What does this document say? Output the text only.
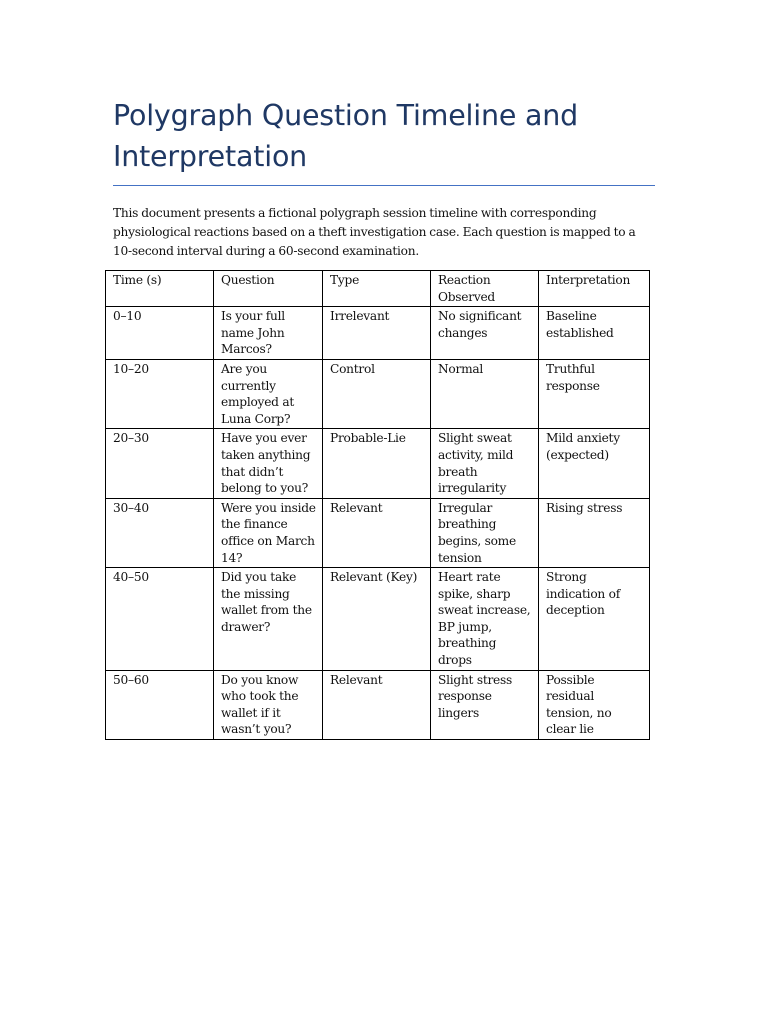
Polygraph Question Timeline and Interpretation

This document presents a fictional polygraph session timeline with corresponding physiological reactions based on a theft investigation case. Each question is mapped to a 10-second interval during a 60-second examination.

Time (s)	Question	Type	Reaction Observed	Interpretation
0–10	Is your full name John Marcos?	Irrelevant	No significant changes	Baseline established
10–20	Are you currently employed at Luna Corp?	Control	Normal	Truthful response
20–30	Have you ever taken anything that didn’t belong to you?	Probable-Lie	Slight sweat activity, mild breath irregularity	Mild anxiety (expected)
30–40	Were you inside the finance office on March 14?	Relevant	Irregular breathing begins, some tension	Rising stress
40–50	Did you take the missing wallet from the drawer?	Relevant (Key)	Heart rate spike, sharp sweat increase, BP jump, breathing drops	Strong indication of deception
50–60	Do you know who took the wallet if it wasn’t you?	Relevant	Slight stress response lingers	Possible residual tension, no clear lie
